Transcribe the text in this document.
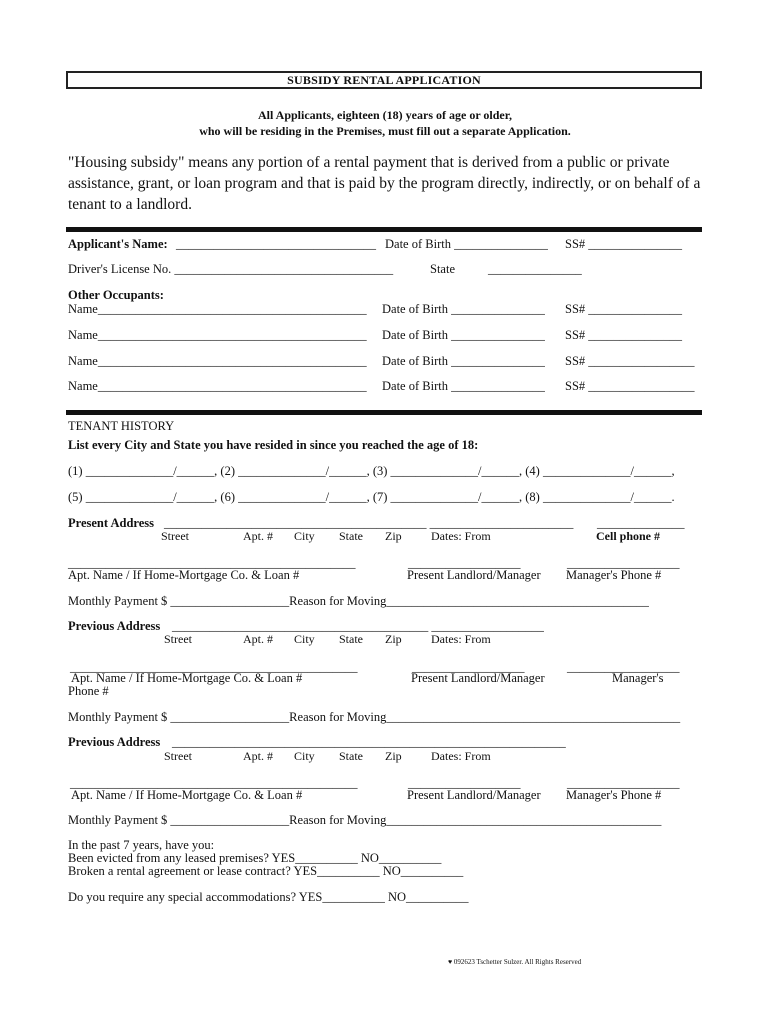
SUBSIDY RENTAL APPLICATION
All Applicants, eighteen (18) years of age or older,
who will be residing in the Premises, must fill out a separate Application.
"Housing subsidy" means any portion of a rental payment that is derived from a public or private assistance, grant, or loan program and that is paid by the program directly, indirectly, or on behalf of a tenant to a landlord.
Applicant's Name: ________________________________ Date of Birth _______________ SS# _______________
Driver's License No. ___________________________________	State	_______________
Other Occupants:
Name___________________________________________ Date of Birth _______________ SS# _______________
Name___________________________________________ Date of Birth _______________ SS# _______________
Name___________________________________________ Date of Birth _______________ SS# _________________
Name___________________________________________ Date of Birth _______________ SS# _________________
TENANT HISTORY
List every City and State you have resided in since you reached the age of 18:
(1) ______________/______, (2) ______________/______, (3) ______________/______, (4) ______________/______,
(5) ______________/______, (6) ______________/______, (7) ______________/______, (8) ______________/______.
Present Address __________________________________________ _______________________ ______________
Street	Apt. # City State Zip Dates: From	Cell phone #
______________________________________________	__________________	__________________
Apt. Name / If Home-Mortgage Co. & Loan #	Present Landlord/Manager Manager's Phone #
Monthly Payment $ ___________________Reason for Moving__________________________________________
Previous Address _________________________________________ __________________
Street	Apt. # City State Zip Dates: From
______________________________________________	__________________	__________________
Apt. Name / If Home-Mortgage Co. & Loan #	Present Landlord/Manager	Manager's
Phone #
Monthly Payment $ ___________________Reason for Moving_______________________________________________
Previous Address _______________________________________________________________
Street	Apt. # City State Zip Dates: From
______________________________________________	__________________	__________________
Apt. Name / If Home-Mortgage Co. & Loan #	Present Landlord/Manager Manager's Phone #
Monthly Payment $ ___________________Reason for Moving____________________________________________
In the past 7 years, have you:
Been evicted from any leased premises? YES__________ NO__________
Broken a rental agreement or lease contract? YES__________ NO__________
Do you require any special accommodations? YES__________ NO__________
♥ 092623 Tschetter Sulzer. All Rights Reserved
